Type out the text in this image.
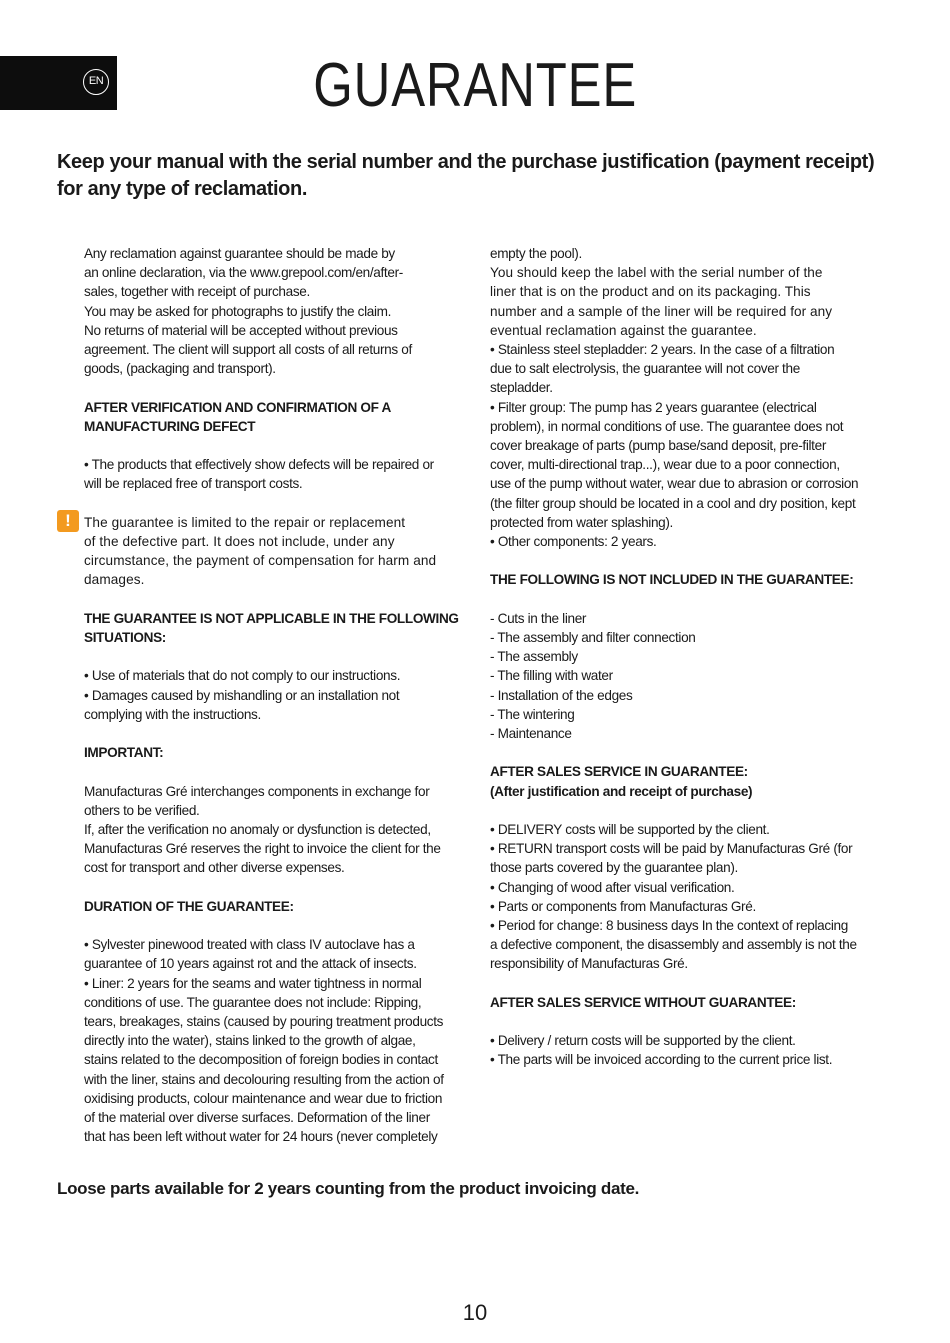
EN	GUARANTEE

Keep your manual with the serial number and the purchase justification (payment receipt) for any type of reclamation.

!
Any reclamation against guarantee should be made by
an online declaration, via the www.grepool.com/en/after-
sales, together with receipt of purchase.
You may be asked for photographs to justify the claim.
No returns of material will be accepted without previous
agreement. The client will support all costs of all returns of
goods, (packaging and transport).
AFTER VERIFICATION AND CONFIRMATION OF A
MANUFACTURING DEFECT
• The products that effectively show defects will be repaired or
will be replaced free of transport costs.
The guarantee is limited to the repair or replacement
of the defective part. It does not include, under any
circumstance, the payment of compensation for harm and
damages.
THE GUARANTEE IS NOT APPLICABLE IN THE FOLLOWING
SITUATIONS:
• Use of materials that do not comply to our instructions.
• Damages caused by mishandling or an installation not
complying with the instructions.

IMPORTANT:

Manufacturas Gré interchanges components in exchange for
others to be verified.
If, after the verification no anomaly or dysfunction is detected,
Manufacturas Gré reserves the right to invoice the client for the
cost for transport and other diverse expenses.

DURATION OF THE GUARANTEE:

• Sylvester pinewood treated with class IV autoclave has a
guarantee of 10 years against rot and the attack of insects.
• Liner: 2 years for the seams and water tightness in normal
conditions of use. The guarantee does not include: Ripping,
tears, breakages, stains (caused by pouring treatment products
directly into the water), stains linked to the growth of algae,
stains related to the decomposition of foreign bodies in contact
with the liner, stains and decolouring resulting from the action of
oxidising products, colour maintenance and wear due to friction
of the material over diverse surfaces. Deformation of the liner
that has been left without water for 24 hours (never completely
empty the pool).
You should keep the label with the serial number of the
liner that is on the product and on its packaging. This
number and a sample of the liner will be required for any
eventual reclamation against the guarantee.
• Stainless steel stepladder: 2 years. In the case of a filtration
due to salt electrolysis, the guarantee will not cover the
stepladder.
• Filter group: The pump has 2 years guarantee (electrical
problem), in normal conditions of use. The guarantee does not
cover breakage of parts (pump base/sand deposit, pre-filter
cover, multi-directional trap...), wear due to a poor connection,
use of the pump without water, wear due to abrasion or corrosion
(the filter group should be located in a cool and dry position, kept
protected from water splashing).
• Other components: 2 years.

THE FOLLOWING IS NOT INCLUDED IN THE GUARANTEE:

- Cuts in the liner
- The assembly and filter connection
- The assembly
- The filling with water
- Installation of the edges
- The wintering
- Maintenance
AFTER SALES SERVICE IN GUARANTEE:
(After justification and receipt of purchase)
• DELIVERY costs will be supported by the client.
• RETURN transport costs will be paid by Manufacturas Gré (for
those parts covered by the guarantee plan).
• Changing of wood after visual verification.
• Parts or components from Manufacturas Gré.
• Period for change: 8 business days In the context of replacing
a defective component, the disassembly and assembly is not the
responsibility of Manufacturas Gré.

AFTER SALES SERVICE WITHOUT GUARANTEE:

• Delivery / return costs will be supported by the client.
• The parts will be invoiced according to the current price list.

Loose parts available for 2 years counting from the product invoicing date.

10
